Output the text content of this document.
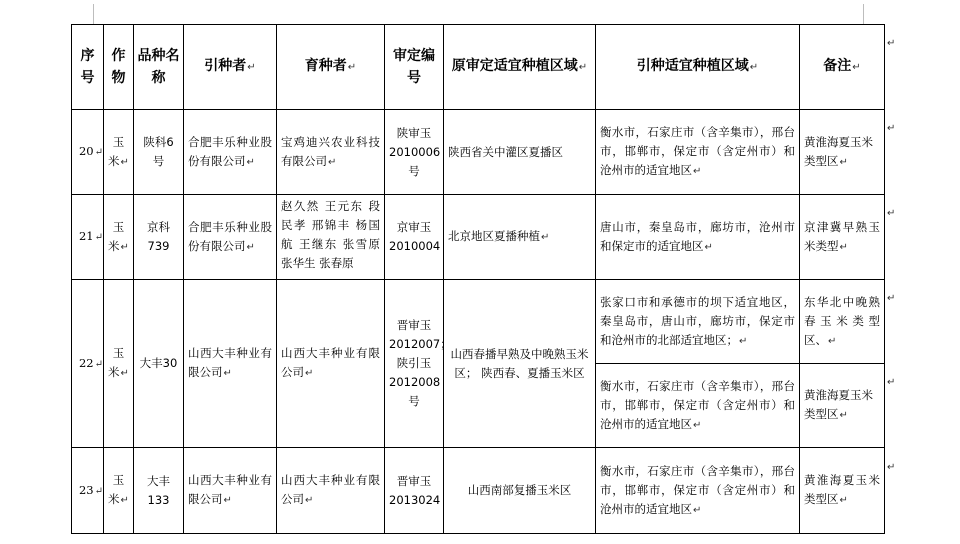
序号	作物	品种名称	引种者↵	育种者↵	审定编号	原审定适宜种植区域↵	引种适宜种植区域↵	备注↵
20↵	玉米↵	陕科6号	合肥丰乐种业股份有限公司↵	宝鸡迪兴农业科技有限公司↵	陕审玉2010006号	陕西省关中灌区夏播区	衡水市，石家庄市（含辛集市），邢台市，邯郸市，保定市（含定州市）和沧州市的适宜地区↵	黄淮海夏玉米类型区↵
21↵	玉米↵	京科739	合肥丰乐种业股份有限公司↵	赵久然 王元东 段民孝 邢锦丰 杨国航 王继东 张雪原 张华生 张春原	京审玉2010004	北京地区夏播种植↵	唐山市，秦皇岛市，廊坊市，沧州市和保定市的适宜地区↵	京津冀早熟玉米类型↵
22↵	玉米↵	大丰30	山西大丰种业有限公司↵	山西大丰种业有限公司↵	晋审玉2012007； 陕引玉2012008号	山西春播早熟及中晚熟玉米区； 陕西春、夏播玉米区	张家口市和承德市的坝下适宜地区，秦皇岛市，唐山市，廊坊市，保定市和沧州市的北部适宜地区；↵	东华北中晚熟春玉米类型区、↵
							衡水市，石家庄市（含辛集市），邢台市，邯郸市，保定市（含定州市）和沧州市的适宜地区↵	黄淮海夏玉米类型区↵
23↵	玉米↵	大丰133	山西大丰种业有限公司↵	山西大丰种业有限公司↵	晋审玉2013024	山西南部复播玉米区	衡水市，石家庄市（含辛集市），邢台市，邯郸市，保定市（含定州市）和沧州市的适宜地区↵	黄淮海夏玉米类型区↵
↵
↵
↵
↵
↵
↵
